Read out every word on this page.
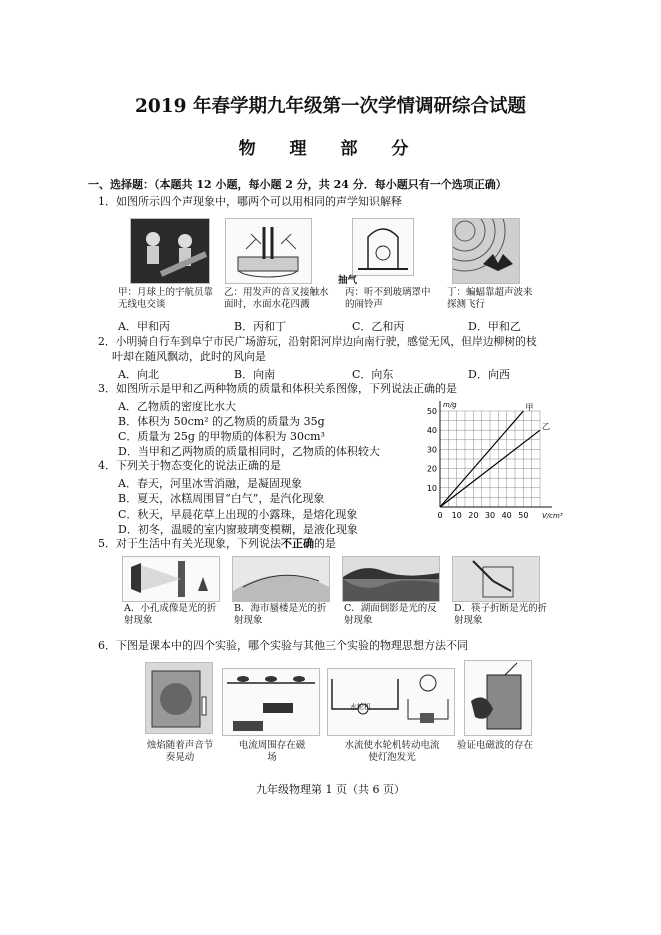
2019 年春学期九年级第一次学情调研综合试题
物 理 部 分
一、选择题：（本题共 12 小题，每小题 2 分，共 24 分．每小题只有一个选项正确）
1．如图所示四个声现象中，哪两个可以用相同的声学知识解释
抽气
甲：月球上的宇航员靠无线电交谈
乙：用发声的音叉接触水面时，水面水花四溅
丙：听不到玻璃罩中的闹铃声
丁：蝙蝠靠超声波来探测飞行
A．甲和丙	B．丙和丁	C．乙和丙	D．甲和乙
2．小明骑自行车到阜宁市民广场游玩，沿射阳河岸边向南行驶，感觉无风，但岸边柳树的枝
叶却在随风飘动，此时的风向是
A．向北	B．向南	C．向东	D．向西
3．如图所示是甲和乙两种物质的质量和体积关系图像，下列说法正确的是
A．乙物质的密度比水大
B．体积为 50cm² 的乙物质的质量为 35g
C．质量为 25g 的甲物质的体积为 30cm³
D．当甲和乙两物质的质量相同时，乙物质的体积较大
0 10 20 30 40 50
10
20
30
40
50
m/g
V/cm³
甲
乙
4．下列关于物态变化的说法正确的是
A．春天，河里冰雪消融，是凝固现象
B．夏天，冰糕周围冒“白气”，是汽化现象
C．秋天，早晨花草上出现的小露珠，是熔化现象
D．初冬，温暖的室内窗玻璃变模糊，是液化现象
5．对于生活中有关光现象，下列说法不正确的是
A．小孔成像是光的折射现象
B．海市蜃楼是光的折射现象
C．湖面倒影是光的反射现象
D．筷子折断是光的折射现象
6．下图是课本中的四个实验，哪个实验与其他三个实验的物理思想方法不同
水轮机
烛焰随着声音节奏晃动
电流周围存在磁场
水流使水轮机转动电流使灯泡发光
验证电磁波的存在
九年级物理第 1 页（共 6 页）
